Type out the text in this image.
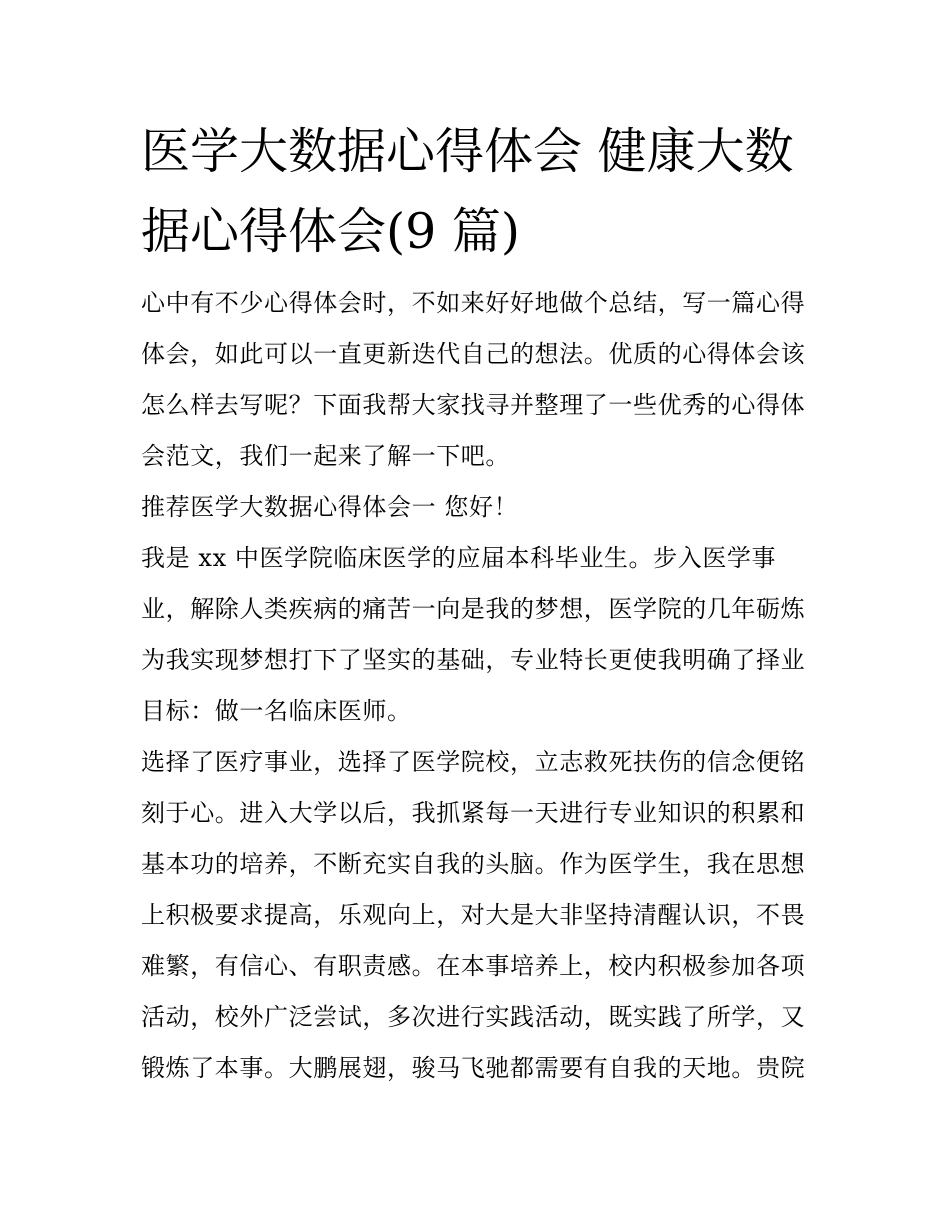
医学大数据心得体会 健康大数
据心得体会(9 篇)
心中有不少心得体会时，不如来好好地做个总结，写一篇心得
体会，如此可以一直更新迭代自己的想法。优质的心得体会该
怎么样去写呢？下面我帮大家找寻并整理了一些优秀的心得体
会范文，我们一起来了解一下吧。
推荐医学大数据心得体会一 您好！
我是 xx 中医学院临床医学的应届本科毕业生。步入医学事
业，解除人类疾病的痛苦一向是我的梦想，医学院的几年砺炼
为我实现梦想打下了坚实的基础，专业特长更使我明确了择业
目标：做一名临床医师。
选择了医疗事业，选择了医学院校，立志救死扶伤的信念便铭
刻于心。进入大学以后，我抓紧每一天进行专业知识的积累和
基本功的培养，不断充实自我的头脑。作为医学生，我在思想
上积极要求提高，乐观向上，对大是大非坚持清醒认识，不畏
难繁，有信心、有职责感。在本事培养上，校内积极参加各项
活动，校外广泛尝试，多次进行实践活动，既实践了所学，又
锻炼了本事。大鹏展翅，骏马飞驰都需要有自我的天地。贵院
